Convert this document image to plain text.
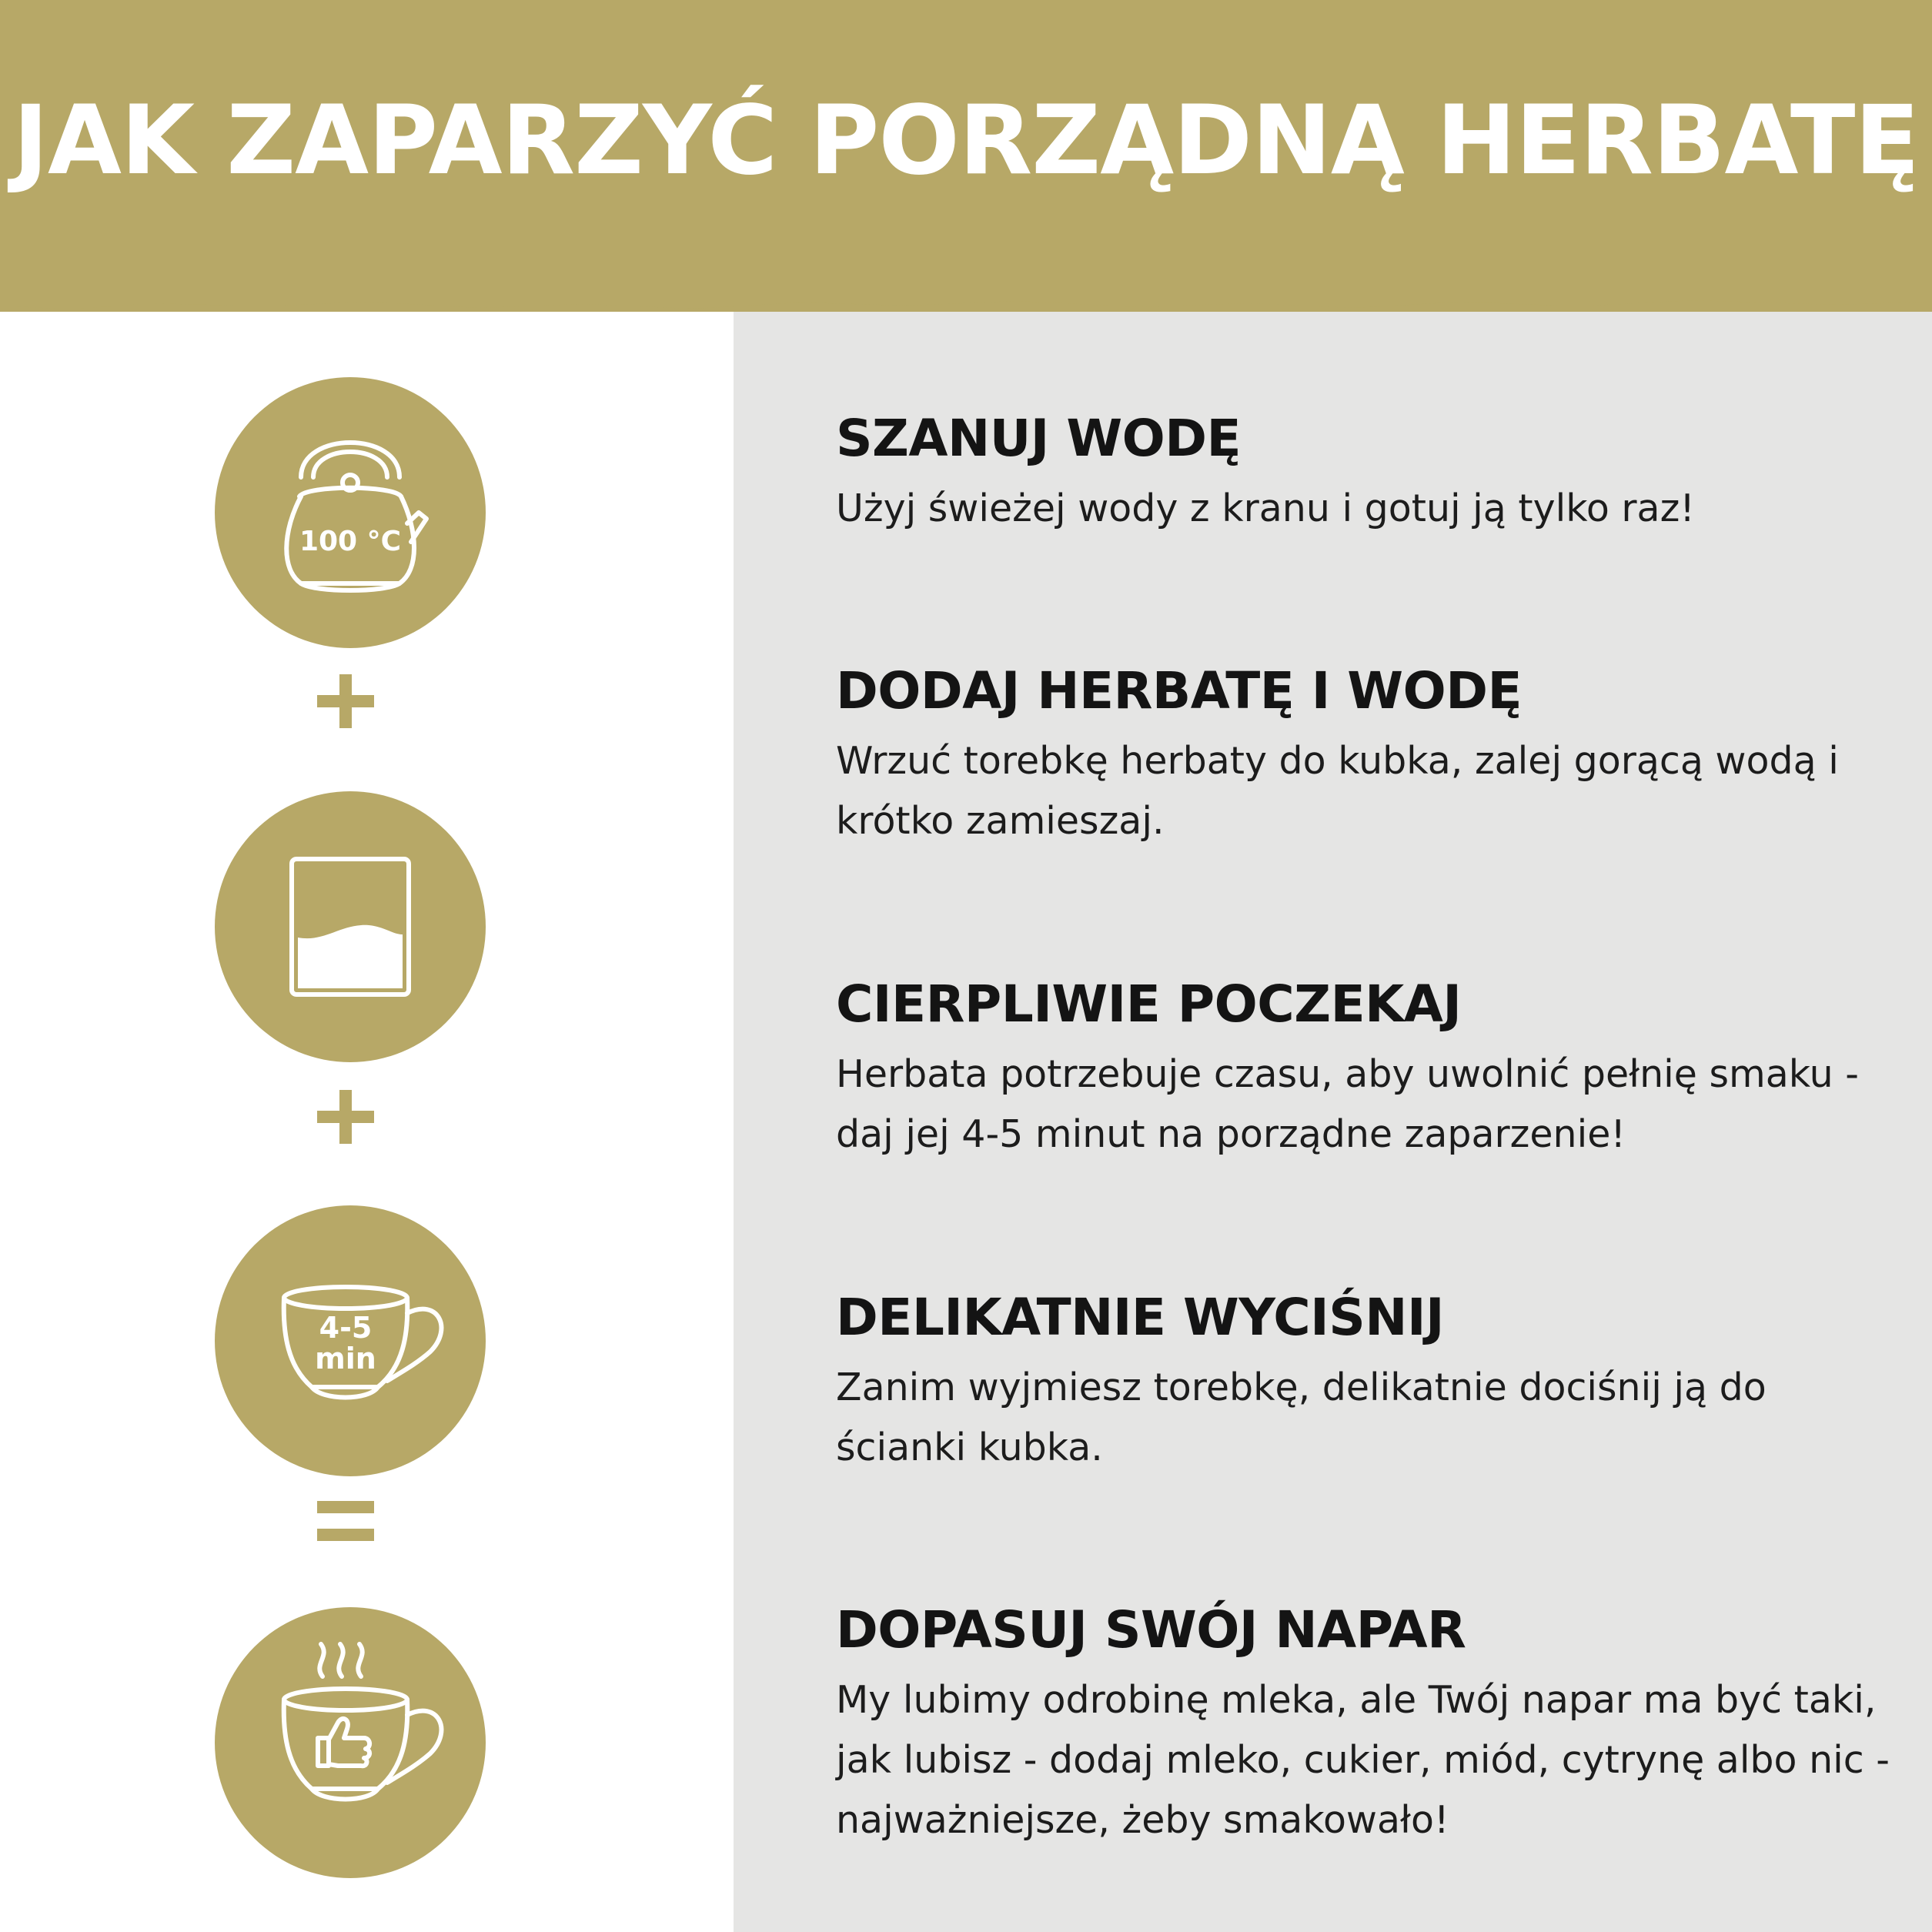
JAK ZAPARZYĆ PORZĄDNĄ HERBATĘ
100 °C
4-5
min
SZANUJ WODĘ

Użyj świeżej wody z kranu i gotuj ją tylko raz!

DODAJ HERBATĘ I WODĘ

Wrzuć torebkę herbaty do kubka, zalej gorącą wodą i krótko zamieszaj.

CIERPLIWIE POCZEKAJ

Herbata potrzebuje czasu, aby uwolnić pełnię smaku - daj jej 4-5 minut na porządne zaparzenie!

DELIKATNIE WYCIŚNIJ

Zanim wyjmiesz torebkę, delikatnie dociśnij ją do ścianki kubka.

DOPASUJ SWÓJ NAPAR

My lubimy odrobinę mleka, ale Twój napar ma być taki, jak lubisz - dodaj mleko, cukier, miód, cytrynę albo nic - najważniejsze, żeby smakowało!
